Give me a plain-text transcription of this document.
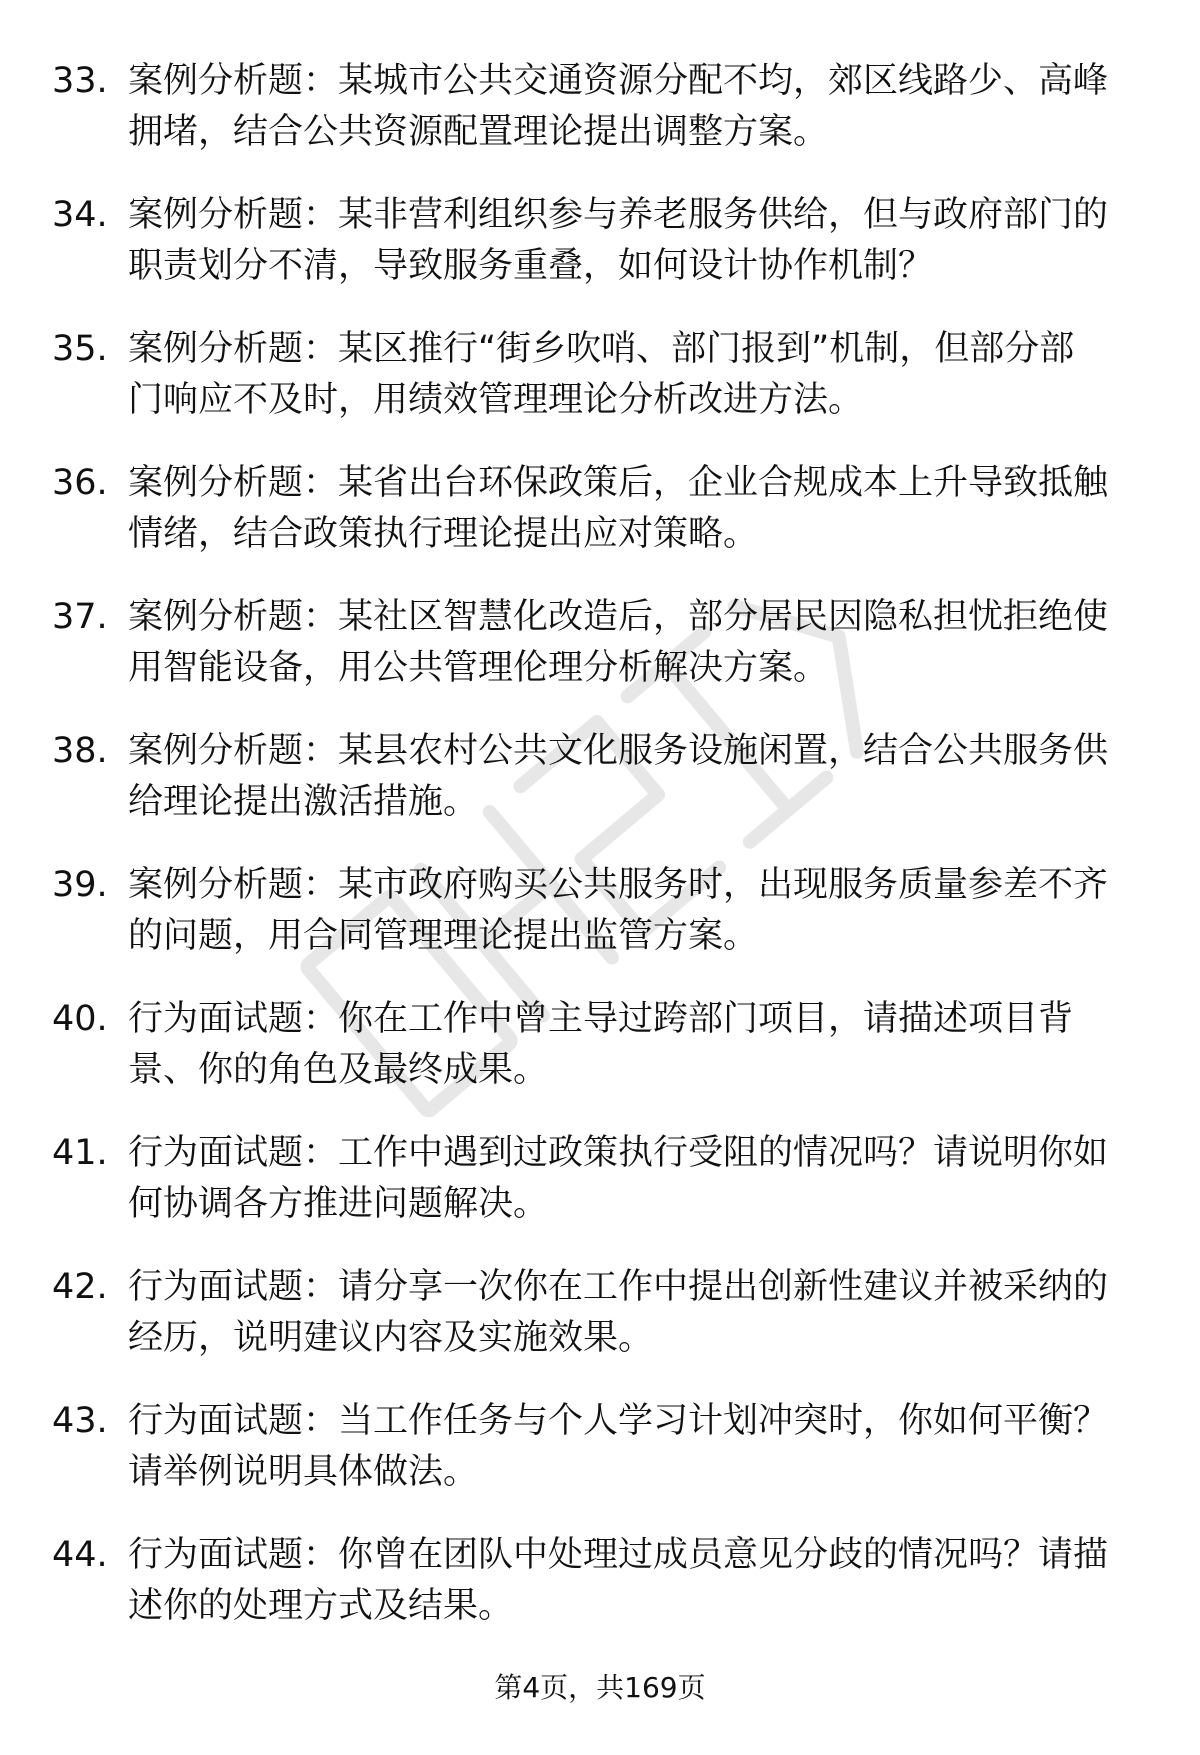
33. 案例分析题：某城市公共交通资源分配不均，郊区线路少、高峰
拥堵，结合公共资源配置理论提出调整方案。
34. 案例分析题：某非营利组织参与养老服务供给，但与政府部门的
职责划分不清，导致服务重叠，如何设计协作机制？
35. 案例分析题：某区推行“街乡吹哨、部门报到”机制，但部分部
门响应不及时，用绩效管理理论分析改进方法。
36. 案例分析题：某省出台环保政策后，企业合规成本上升导致抵触
情绪，结合政策执行理论提出应对策略。
37. 案例分析题：某社区智慧化改造后，部分居民因隐私担忧拒绝使
用智能设备，用公共管理伦理分析解决方案。
38. 案例分析题：某县农村公共文化服务设施闲置，结合公共服务供
给理论提出激活措施。
39. 案例分析题：某市政府购买公共服务时，出现服务质量参差不齐
的问题，用合同管理理论提出监管方案。
40. 行为面试题：你在工作中曾主导过跨部门项目，请描述项目背
景、你的角色及最终成果。
41. 行为面试题：工作中遇到过政策执行受阻的情况吗？请说明你如
何协调各方推进问题解决。
42. 行为面试题：请分享一次你在工作中提出创新性建议并被采纳的
经历，说明建议内容及实施效果。
43. 行为面试题：当工作任务与个人学习计划冲突时，你如何平衡？
请举例说明具体做法。
44. 行为面试题：你曾在团队中处理过成员意见分歧的情况吗？请描
述你的处理方式及结果。
第4页，共169页
